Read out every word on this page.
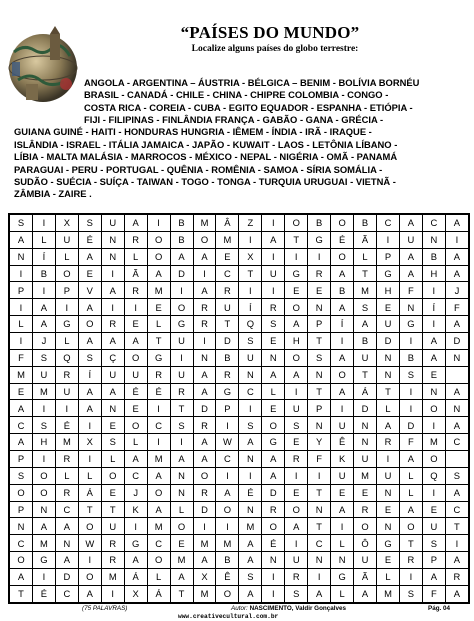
“PAÍSES DO MUNDO”
Localize alguns países do globo terrestre:
ANGOLA - ARGENTINA – ÁUSTRIA - BÉLGICA – BENIM - BOLÍVIA BORNÉU
BRASIL - CANADÁ - CHILE - CHINA - CHIPRE COLOMBIA - CONGO -
COSTA RICA - COREIA - CUBA - EGITO EQUADOR - ESPANHA - ETIÓPIA -
FIJI - FILIPINAS - FINLÂNDIA FRANÇA - GABÃO - GANA - GRÉCIA -
GUIANA GUINÉ - HAITI - HONDURAS HUNGRIA - IÊMEM - ÍNDIA - IRÃ - IRAQUE -
ISLÂNDIA - ISRAEL - ITÁLIA JAMAICA - JAPÃO - KUWAIT - LAOS - LETÔNIA LÍBANO -
LÍBIA - MALTA MALÁSIA - MARROCOS - MÉXICO - NEPAL - NIGÉRIA - OMÃ - PANAMÁ
PARAGUAI - PERU - PORTUGAL - QUÊNIA - ROMÊNIA - SAMOA - SÍRIA SOMÁLIA -
SUDÃO - SUÉCIA - SUÍÇA - TAIWAN - TOGO - TONGA - TURQUIA URUGUAI - VIETNÃ -
ZÂMBIA - ZAIRE .
S	I	X	S	U	A	I	B	M	Â	Z	I	O	B	O	B	C	A	C	A
A	L	U	É	N	R	O	B	O	M	I	A	T	G	É	Ã	I	U	N	I
N	Í	L	A	N	L	O	A	A	E	X	I	I	I	O	L	P	A	B	A
I	B	O	E	I	Ã	A	D	I	C	T	U	G	R	A	T	G	A	H	A
P	I	P	V	A	R	M	I	A	R	I	I	E	E	B	M	H	F	I	J
I	A	I	A	I	I	E	O	R	U	Í	R	O	N	A	S	E	N	Í	F
L	A	G	O	R	E	L	G	R	T	Q	S	A	P	Í	A	U	G	I	A
I	J	L	A	A	A	T	U	I	D	S	E	H	T	I	B	D	I	A	D
F	S	Q	S	Ç	O	G	I	N	B	U	N	O	S	A	U	N	B	A	N
M	U	R	Í	U	U	R	U	A	R	N	A	A	N	O	T	N	S	E	
E	M	U	A	A	É	É	R	A	G	C	L	I	T	A	Á	T	I	N	A
A	I	I	A	N	E	I	T	D	P	I	E	U	P	I	D	L	I	O	N
C	S	É	I	E	O	C	S	R	I	S	O	S	N	U	N	A	D	I	A
A	H	M	X	S	L	I	I	A	W	A	G	E	Y	Ê	N	R	F	M	C
P	I	R	I	L	A	M	A	A	C	N	A	R	F	K	U	I	A	O	
S	O	L	L	O	C	A	N	O	I	I	A	I	I	U	M	U	L	Q	S
O	O	R	Á	E	J	O	N	R	A	É	D	E	T	E	E	N	L	I	A
P	N	C	T	T	K	A	L	D	O	N	R	O	N	A	R	E	A	E	C
N	A	A	O	U	I	M	O	I	I	M	O	A	T	I	O	N	O	U	T
C	M	N	W	R	G	C	E	M	M	A	É	I	C	L	Ô	G	T	S	I
O	G	A	I	R	A	O	M	A	B	A	N	U	N	N	U	E	R	P	A
A	I	D	O	M	Á	L	A	X	Ê	S	I	R	I	G	Ã	L	I	A	R
T	É	C	A	I	X	Á	T	M	O	A	I	S	A	L	A	M	S	F	A
(75 PALAVRAS)	Autor: NASCIMENTO, Valdir Gonçalves	Pág. 04
www.creativecultural.com.br
